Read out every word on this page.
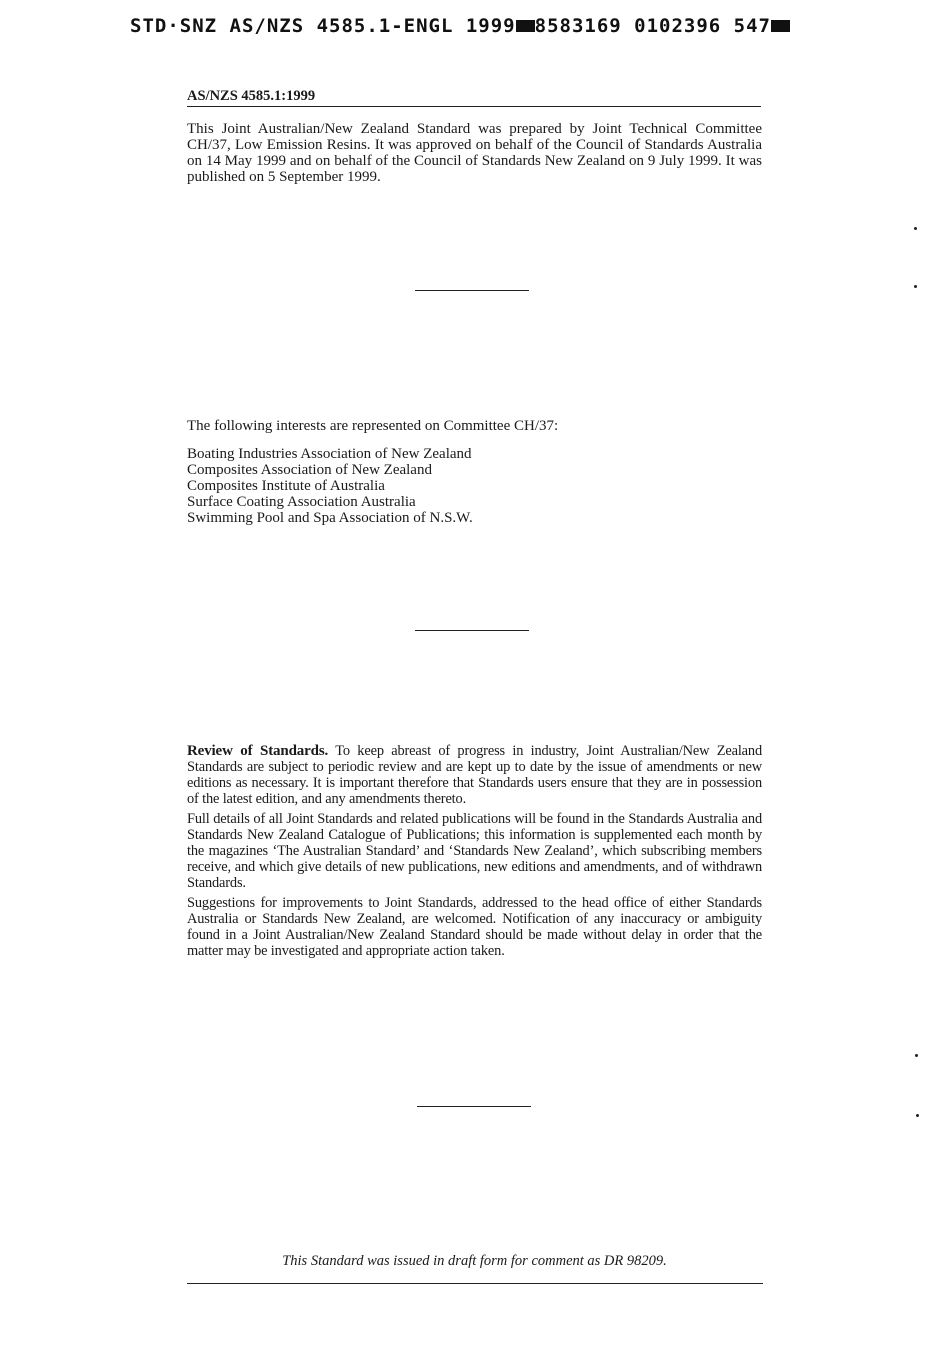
STD·SNZ AS/NZS 4585.1-ENGL 1999 8583169 0102396 547
AS/NZS 4585.1:1999

This Joint Australian/New Zealand Standard was prepared by Joint Technical Committee CH/37, Low Emission Resins. It was approved on behalf of the Council of Standards Australia on 14 May 1999 and on behalf of the Council of Standards New Zealand on 9 July 1999. It was published on 5 September 1999.

The following interests are represented on Committee CH/37:

Boating Industries Association of New Zealand
Composites Association of New Zealand
Composites Institute of Australia
Surface Coating Association Australia
Swimming Pool and Spa Association of N.S.W.

Review of Standards. To keep abreast of progress in industry, Joint Australian/New Zealand Standards are subject to periodic review and are kept up to date by the issue of amendments or new editions as necessary. It is important therefore that Standards users ensure that they are in possession of the latest edition, and any amendments thereto.

Full details of all Joint Standards and related publications will be found in the Standards Australia and Standards New Zealand Catalogue of Publications; this information is supplemented each month by the magazines ‘The Australian Standard’ and ‘Standards New Zealand’, which subscribing members receive, and which give details of new publications, new editions and amendments, and of withdrawn Standards.

Suggestions for improvements to Joint Standards, addressed to the head office of either Standards Australia or Standards New Zealand, are welcomed. Notification of any inaccuracy or ambiguity found in a Joint Australian/New Zealand Standard should be made without delay in order that the matter may be investigated and appropriate action taken.

This Standard was issued in draft form for comment as DR 98209.
